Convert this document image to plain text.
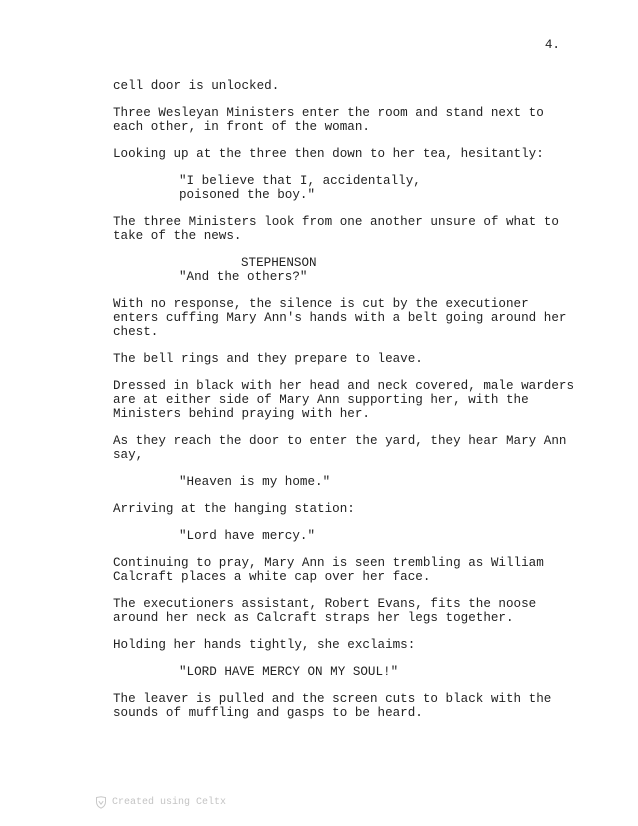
4.

cell door is unlocked.

Three Wesleyan Ministers enter the room and stand next to
each other, in front of the woman.

Looking up at the three then down to her tea, hesitantly:

"I believe that I, accidentally,
poisoned the boy."

The three Ministers look from one another unsure of what to
take of the news.

STEPHENSON

"And the others?"

With no response, the silence is cut by the executioner
enters cuffing Mary Ann's hands with a belt going around her
chest.

The bell rings and they prepare to leave.

Dressed in black with her head and neck covered, male warders
are at either side of Mary Ann supporting her, with the
Ministers behind praying with her.

As they reach the door to enter the yard, they hear Mary Ann
say,

"Heaven is my home."

Arriving at the hanging station:

"Lord have mercy."

Continuing to pray, Mary Ann is seen trembling as William
Calcraft places a white cap over her face.

The executioners assistant, Robert Evans, fits the noose
around her neck as Calcraft straps her legs together.

Holding her hands tightly, she exclaims:

"LORD HAVE MERCY ON MY SOUL!"

The leaver is pulled and the screen cuts to black with the
sounds of muffling and gasps to be heard.

Created using Celtx
